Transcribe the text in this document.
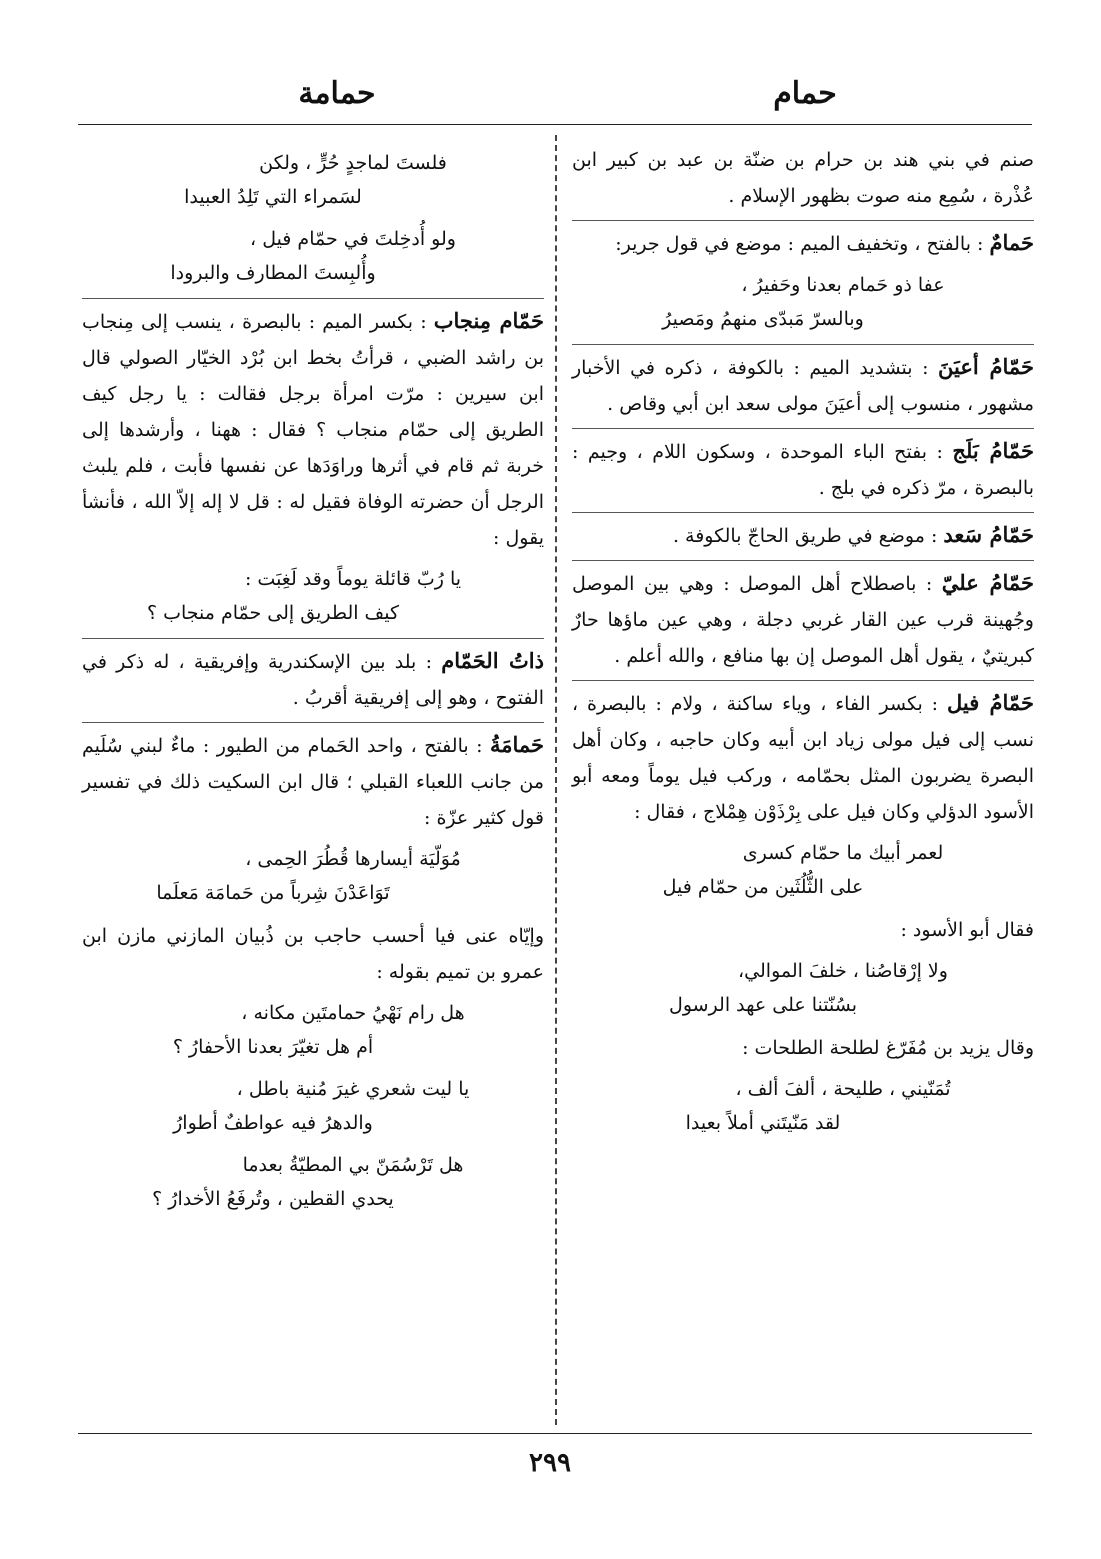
حمام
حمامة

صنم في بني هند بن حرام بن ضنّة بن عبد بن كبير ابن عُذْرة ، سُمِع منه صوت بظهور الإسلام .

حَمامٌ : بالفتح ، وتخفيف الميم : موضع في قول جرير:

عفا ذو حَمام بعدنا وحَفيرُ ،
وبالسرّ مَبدّى منهمُ ومَصيرُ

حَمّامُ أعيَنَ : بتشديد الميم : بالكوفة ، ذكره في الأخبار مشهور ، منسوب إلى أعيَنَ مولى سعد ابن أبي وقاص .

حَمّامُ بَلَج : بفتح الباء الموحدة ، وسكون اللام ، وجيم : بالبصرة ، مرّ ذكره في بلج .

حَمّامُ سَعد : موضع في طريق الحاجّ بالكوفة .

حَمّامُ عليّ : باصطلاح أهل الموصل : وهي بين الموصل وجُهينة قرب عين القار غربي دجلة ، وهي عين ماؤها حارٌ كبريتيٌ ، يقول أهل الموصل إن بها منافع ، والله أعلم .

حَمّامُ فيل : بكسر الفاء ، وياء ساكنة ، ولام : بالبصرة ، نسب إلى فيل مولى زياد ابن أبيه وكان حاجبه ، وكان أهل البصرة يضربون المثل بحمّامه ، وركب فيل يوماً ومعه أبو الأسود الدؤلي وكان فيل على بِرْذَوْن هِمْلاج ، فقال :

لعمر أبيك ما حمّام كسرى
على الثُّلُثَين من حمّام فيل

فقال أبو الأسود :

ولا إرْقاصُنا ، خلفَ الموالي،
بسُنّتنا على عهد الرسول

وقال يزيد بن مُفَرّغ لطلحة الطلحات :

تُمَنّيني ، طليحة ، ألفَ ألف ،
لقد مَنّيتَني أملاً بعيدا
فلستَ لماجدٍ حُرٍّ ، ولكن
لسَمراء التي تَلِدُ العبيدا
ولو أُدخِلتَ في حمّام فيل ،
وأُلبِستَ المطارف والبرودا

حَمّام مِنجاب : بكسر الميم : بالبصرة ، ينسب إلى مِنجاب بن راشد الضبي ، قرأتُ بخط ابن بُرْد الخيّار الصولي قال ابن سيرين : مرّت امرأة برجل فقالت : يا رجل كيف الطريق إلى حمّام منجاب ؟ فقال : ههنا ، وأرشدها إلى خربة ثم قام في أثرها وراوَدَها عن نفسها فأبت ، فلم يلبث الرجل أن حضرته الوفاة فقيل له : قل لا إله إلاّ الله ، فأنشأ يقول :

يا رُبّ قائلة يوماً وقد لَغِبَت :
كيف الطريق إلى حمّام منجاب ؟

ذاتُ الحَمّام : بلد بين الإسكندرية وإفريقية ، له ذكر في الفتوح ، وهو إلى إفريقية أقربُ .

حَمامَةُ : بالفتح ، واحد الحَمام من الطيور : ماءٌ لبني سُلَيم من جانب اللعباء القبلي ؛ قال ابن السكيت ذلك في تفسير قول كثير عزّة :

مُوَلّيَة أيسارها قُطُرَ الحِمى ،
تَوَاعَدْنَ شِرباً من حَمامَة مَعلَما

وإيّاه عنى فيا أحسب حاجب بن ذُبيان المازني مازن ابن عمرو بن تميم بقوله :

هل رام نَهْيُ حمامتَين مكانه ،
أم هل تغيّرَ بعدنا الأحفارُ ؟
يا ليت شعري غيرَ مُنية باطل ،
والدهرُ فيه عواطفٌ أطوارُ
هل تَرْسُمَنّ بي المطيّةُ بعدما
يحدي القطين ، وتُرفَعُ الأخدارُ ؟
٢٩٩
